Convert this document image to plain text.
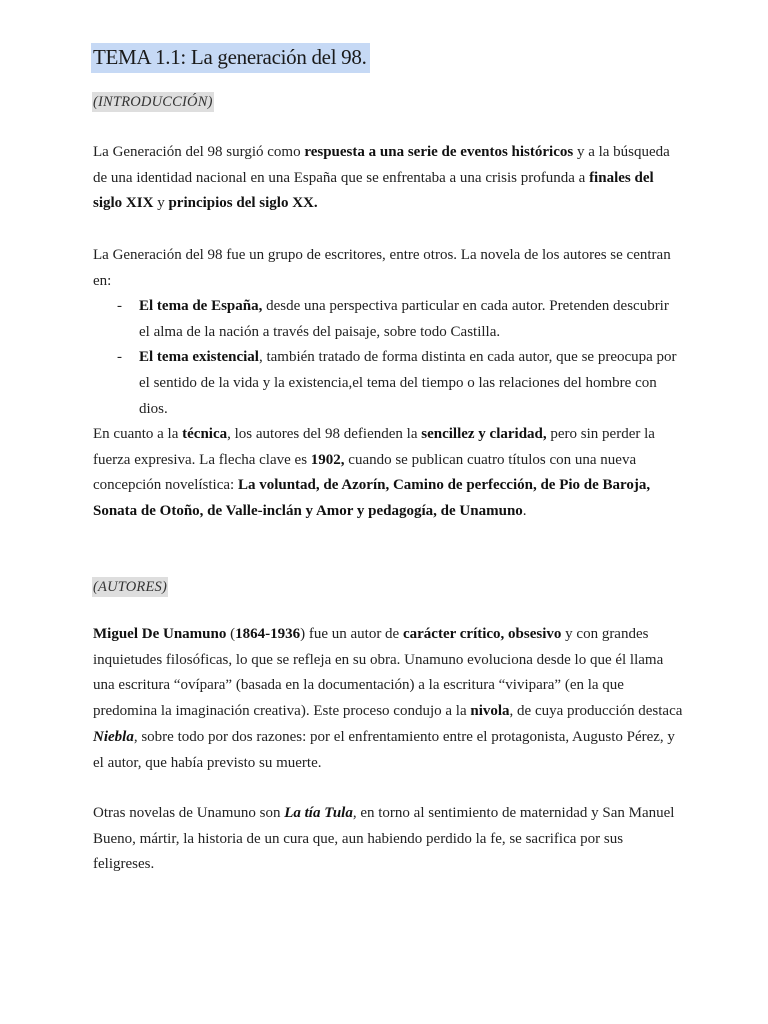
TEMA 1.1: La generación del 98.
(INTRODUCCIÓN)

La Generación del 98 surgió como respuesta a una serie de eventos históricos y a la búsqueda de una identidad nacional en una España que se enfrentaba a una crisis profunda a finales del siglo XIX y principios del siglo XX.

La Generación del 98 fue un grupo de escritores, entre otros. La novela de los autores se centran en:

- El tema de España, desde una perspectiva particular en cada autor. Pretenden descubrir el alma de la nación a través del paisaje, sobre todo Castilla.
- El tema existencial, también tratado de forma distinta en cada autor, que se preocupa por el sentido de la vida y la existencia,el tema del tiempo o las relaciones del hombre con dios.

En cuanto a la técnica, los autores del 98 defienden la sencillez y claridad, pero sin perder la fuerza expresiva. La flecha clave es 1902, cuando se publican cuatro títulos con una nueva concepción novelística: La voluntad, de Azorín, Camino de perfección, de Pio de Baroja, Sonata de Otoño, de Valle-inclán y Amor y pedagogía, de Unamuno.

(AUTORES)

Miguel De Unamuno (1864-1936) fue un autor de carácter crítico, obsesivo y con grandes inquietudes filosóficas, lo que se refleja en su obra. Unamuno evoluciona desde lo que él llama una escritura “ovípara” (basada en la documentación) a la escritura “vivipara” (en la que predomina la imaginación creativa). Este proceso condujo a la nivola, de cuya producción destaca Niebla, sobre todo por dos razones: por el enfrentamiento entre el protagonista, Augusto Pérez, y el autor, que había previsto su muerte.

Otras novelas de Unamuno son La tía Tula, en torno al sentimiento de maternidad y San Manuel Bueno, mártir, la historia de un cura que, aun habiendo perdido la fe, se sacrifica por sus feligreses.
